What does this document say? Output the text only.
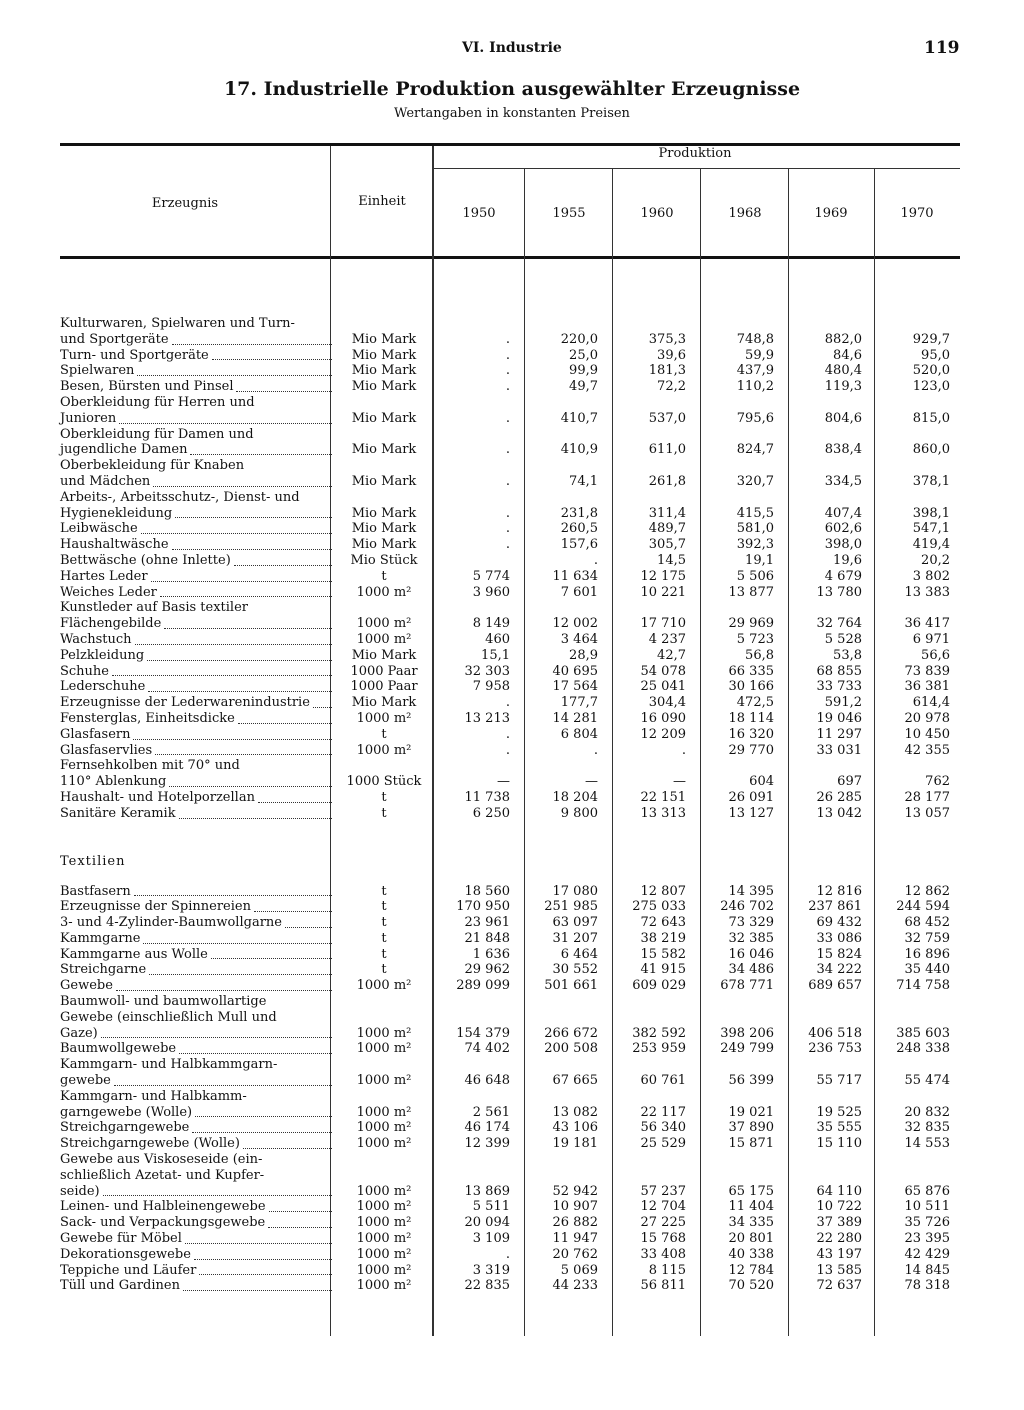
VI. Industrie	119
17. Industrielle Produktion ausgewählter Erzeugnisse
Wertangaben in konstanten Preisen
Erzeugnis	Einheit
Produktion
1950	1955	1960	1968	1969	1970
Kulturwaren, Spielwaren und Turn-
und Sportgeräte	Mio Mark	.	220,0	375,3	748,8	882,0	929,7

Turn- und Sportgeräte	Mio Mark	.	25,0	39,6	59,9	84,6	95,0

Spielwaren	Mio Mark	.	99,9	181,3	437,9	480,4	520,0

Besen, Bürsten und Pinsel	Mio Mark	.	49,7	72,2	110,2	119,3	123,0

Oberkleidung für Herren und
Junioren	Mio Mark	.	410,7	537,0	795,6	804,6	815,0

Oberkleidung für Damen und
jugendliche Damen	Mio Mark	.	410,9	611,0	824,7	838,4	860,0

Oberbekleidung für Knaben
und Mädchen	Mio Mark	.	74,1	261,8	320,7	334,5	378,1

Arbeits-, Arbeitsschutz-, Dienst- und
Hygienekleidung	Mio Mark	.	231,8	311,4	415,5	407,4	398,1

Leibwäsche	Mio Mark	.	260,5	489,7	581,0	602,6	547,1

Haushaltwäsche	Mio Mark	.	157,6	305,7	392,3	398,0	419,4

Bettwäsche (ohne Inlette)	Mio Stück		.	14,5	19,1	19,6	20,2

Hartes Leder	t	5 774	11 634	12 175	5 506	4 679	3 802

Weiches Leder	1000 m²	3 960	7 601	10 221	13 877	13 780	13 383

Kunstleder auf Basis textiler
Flächengebilde	1000 m²	8 149	12 002	17 710	29 969	32 764	36 417

Wachstuch	1000 m²	460	3 464	4 237	5 723	5 528	6 971

Pelzkleidung	Mio Mark	15,1	28,9	42,7	56,8	53,8	56,6

Schuhe	1000 Paar	32 303	40 695	54 078	66 335	68 855	73 839

Lederschuhe	1000 Paar	7 958	17 564	25 041	30 166	33 733	36 381

Erzeugnisse der Lederwarenindustrie	Mio Mark	.	177,7	304,4	472,5	591,2	614,4

Fensterglas, Einheitsdicke	1000 m²	13 213	14 281	16 090	18 114	19 046	20 978

Glasfasern	t	.	6 804	12 209	16 320	11 297	10 450

Glasfaservlies	1000 m²	.	.	.	29 770	33 031	42 355

Fernsehkolben mit 70° und
110° Ablenkung	1000 Stück	—	—	—	604	697	762

Haushalt- und Hotelporzellan	t	11 738	18 204	22 151	26 091	26 285	28 177

Sanitäre Keramik	t	6 250	9 800	13 313	13 127	13 042	13 057

Textilien							

Bastfasern	t	18 560	17 080	12 807	14 395	12 816	12 862

Erzeugnisse der Spinnereien	t	170 950	251 985	275 033	246 702	237 861	244 594

3- und 4-Zylinder-Baumwollgarne	t	23 961	63 097	72 643	73 329	69 432	68 452

Kammgarne	t	21 848	31 207	38 219	32 385	33 086	32 759

Kammgarne aus Wolle	t	1 636	6 464	15 582	16 046	15 824	16 896

Streichgarne	t	29 962	30 552	41 915	34 486	34 222	35 440

Gewebe	1000 m²	289 099	501 661	609 029	678 771	689 657	714 758

Baumwoll- und baumwollartige
Gewebe (einschließlich Mull und
Gaze)	1000 m²	154 379	266 672	382 592	398 206	406 518	385 603

Baumwollgewebe	1000 m²	74 402	200 508	253 959	249 799	236 753	248 338

Kammgarn- und Halbkammgarn-
gewebe	1000 m²	46 648	67 665	60 761	56 399	55 717	55 474

Kammgarn- und Halbkamm-
garngewebe (Wolle)	1000 m²	2 561	13 082	22 117	19 021	19 525	20 832

Streichgarngewebe	1000 m²	46 174	43 106	56 340	37 890	35 555	32 835

Streichgarngewebe (Wolle)	1000 m²	12 399	19 181	25 529	15 871	15 110	14 553

Gewebe aus Viskoseseide (ein-
schließlich Azetat- und Kupfer-
seide)	1000 m²	13 869	52 942	57 237	65 175	64 110	65 876

Leinen- und Halbleinengewebe	1000 m²	5 511	10 907	12 704	11 404	10 722	10 511

Sack- und Verpackungsgewebe	1000 m²	20 094	26 882	27 225	34 335	37 389	35 726

Gewebe für Möbel	1000 m²	3 109	11 947	15 768	20 801	22 280	23 395

Dekorationsgewebe	1000 m²	.	20 762	33 408	40 338	43 197	42 429

Teppiche und Läufer	1000 m²	3 319	5 069	8 115	12 784	13 585	14 845

Tüll und Gardinen	1000 m²	22 835	44 233	56 811	70 520	72 637	78 318
